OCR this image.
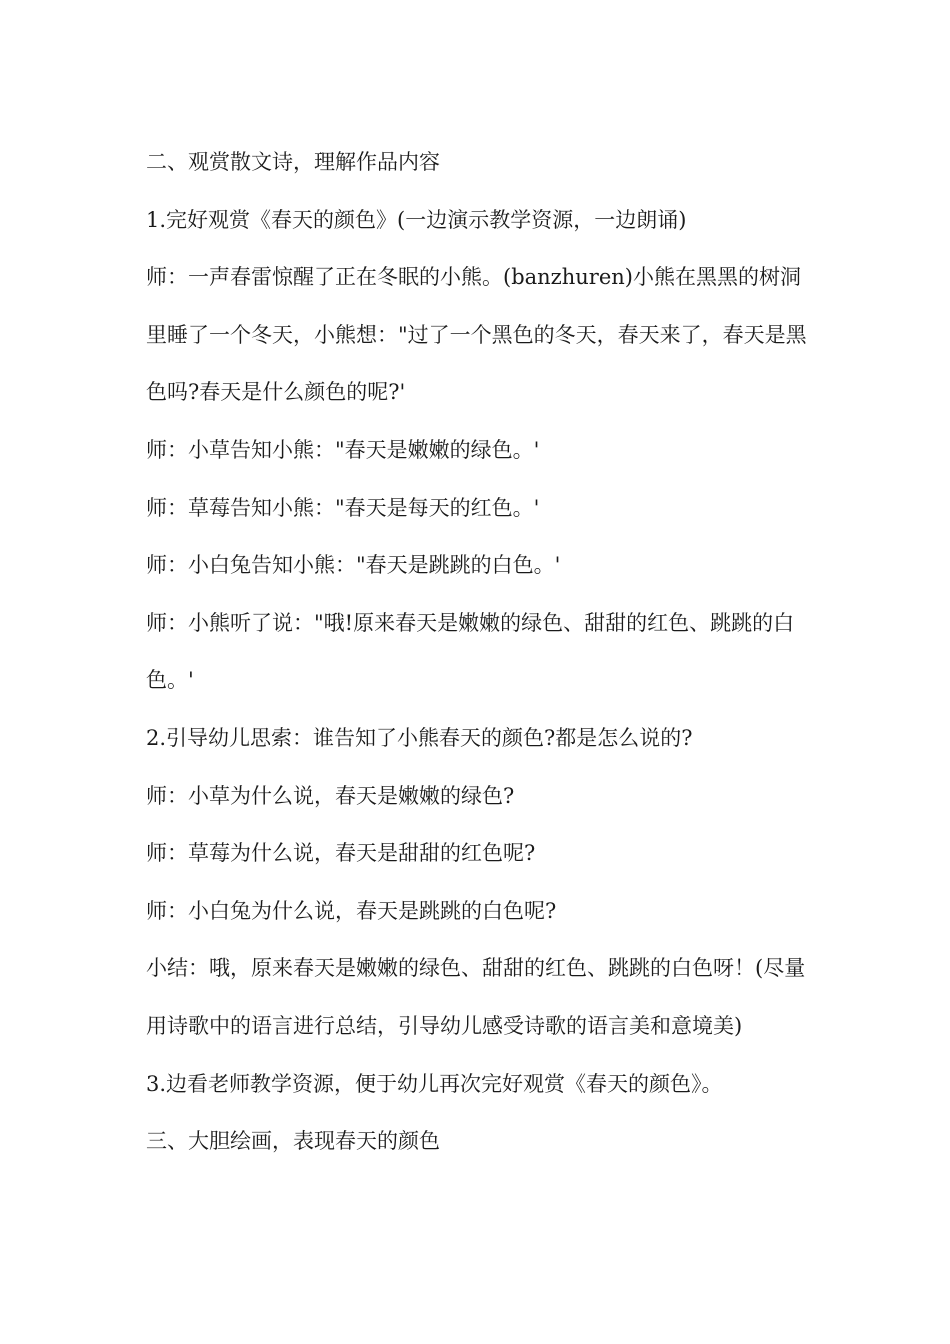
二、观赏散文诗，理解作品内容

1.完好观赏《春天的颜色》(一边演示教学资源，一边朗诵)

师：一声春雷惊醒了正在冬眠的小熊。(banzhuren)小熊在黑黑的树洞里睡了一个冬天，小熊想："过了一个黑色的冬天，春天来了，春天是黑色吗?春天是什么颜色的呢?'

师：小草告知小熊："春天是嫩嫩的绿色。'

师：草莓告知小熊："春天是每天的红色。'

师：小白兔告知小熊："春天是跳跳的白色。'

师：小熊听了说："哦!原来春天是嫩嫩的绿色、甜甜的红色、跳跳的白色。'

2.引导幼儿思索：谁告知了小熊春天的颜色?都是怎么说的?

师：小草为什么说，春天是嫩嫩的绿色?

师：草莓为什么说，春天是甜甜的红色呢?

师：小白兔为什么说，春天是跳跳的白色呢?

小结：哦，原来春天是嫩嫩的绿色、甜甜的红色、跳跳的白色呀！(尽量用诗歌中的语言进行总结，引导幼儿感受诗歌的语言美和意境美)

3.边看老师教学资源，便于幼儿再次完好观赏《春天的颜色》。

三、大胆绘画，表现春天的颜色
